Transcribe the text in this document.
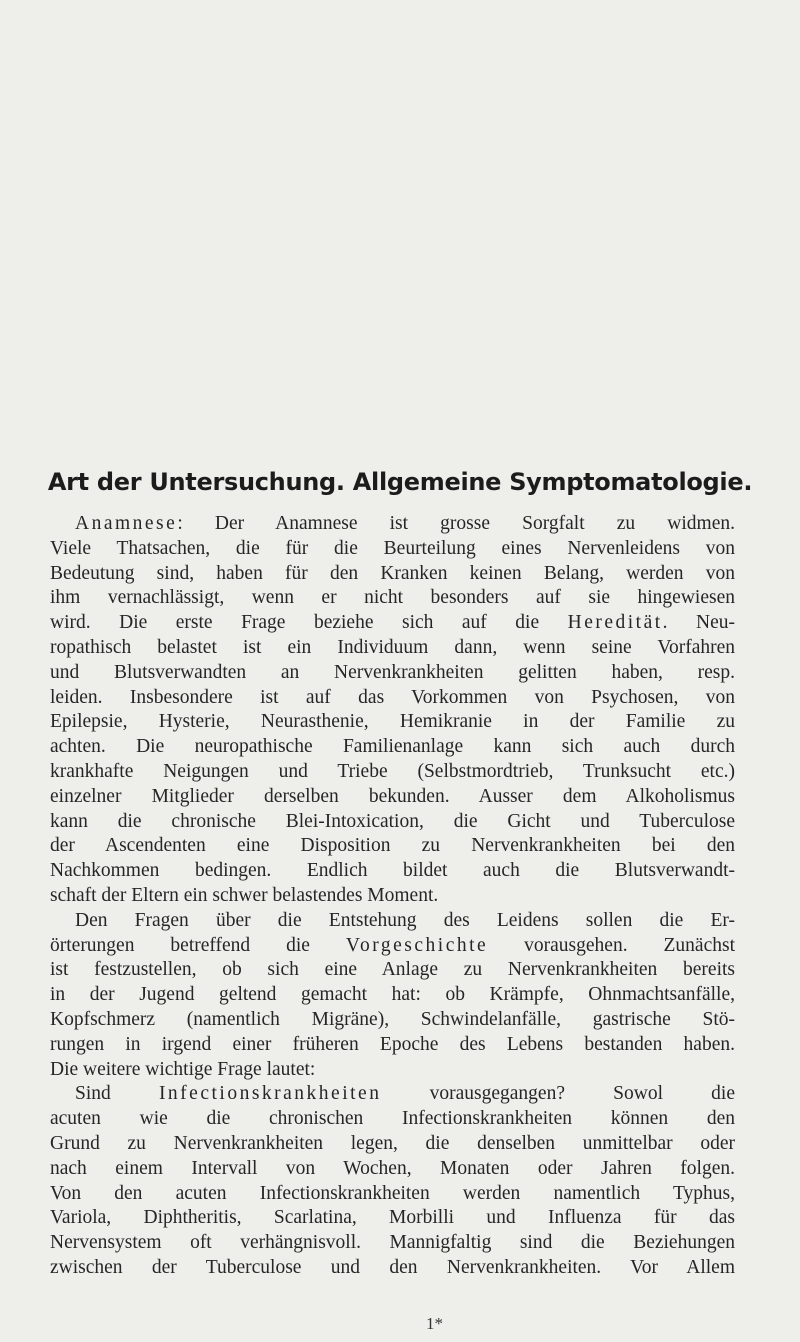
Art der Untersuchung. Allgemeine Symptomatologie.
Anamnese: Der Anamnese ist grosse Sorgfalt zu widmen.
Viele Thatsachen, die für die Beurteilung eines Nervenleidens von
Bedeutung sind, haben für den Kranken keinen Belang, werden von
ihm vernachlässigt, wenn er nicht besonders auf sie hingewiesen
wird. Die erste Frage beziehe sich auf die Heredität. Neu-
ropathisch belastet ist ein Individuum dann, wenn seine Vorfahren
und Blutsverwandten an Nervenkrankheiten gelitten haben, resp.
leiden. Insbesondere ist auf das Vorkommen von Psychosen, von
Epilepsie, Hysterie, Neurasthenie, Hemikranie in der Familie zu
achten. Die neuropathische Familienanlage kann sich auch durch
krankhafte Neigungen und Triebe (Selbstmordtrieb, Trunksucht etc.)
einzelner Mitglieder derselben bekunden. Ausser dem Alkoholismus
kann die chronische Blei-Intoxication, die Gicht und Tuberculose
der Ascendenten eine Disposition zu Nervenkrankheiten bei den
Nachkommen bedingen. Endlich bildet auch die Blutsverwandt-
schaft der Eltern ein schwer belastendes Moment.
Den Fragen über die Entstehung des Leidens sollen die Er-
örterungen betreffend die Vorgeschichte vorausgehen. Zunächst
ist festzustellen, ob sich eine Anlage zu Nervenkrankheiten bereits
in der Jugend geltend gemacht hat: ob Krämpfe, Ohnmachtsanfälle,
Kopfschmerz (namentlich Migräne), Schwindelanfälle, gastrische Stö-
rungen in irgend einer früheren Epoche des Lebens bestanden haben.
Die weitere wichtige Frage lautet:
Sind Infectionskrankheiten vorausgegangen? Sowol die
acuten wie die chronischen Infectionskrankheiten können den
Grund zu Nervenkrankheiten legen, die denselben unmittelbar oder
nach einem Intervall von Wochen, Monaten oder Jahren folgen.
Von den acuten Infectionskrankheiten werden namentlich Typhus,
Variola, Diphtheritis, Scarlatina, Morbilli und Influenza für das
Nervensystem oft verhängnisvoll. Mannigfaltig sind die Beziehungen
zwischen der Tuberculose und den Nervenkrankheiten. Vor Allem
1*
